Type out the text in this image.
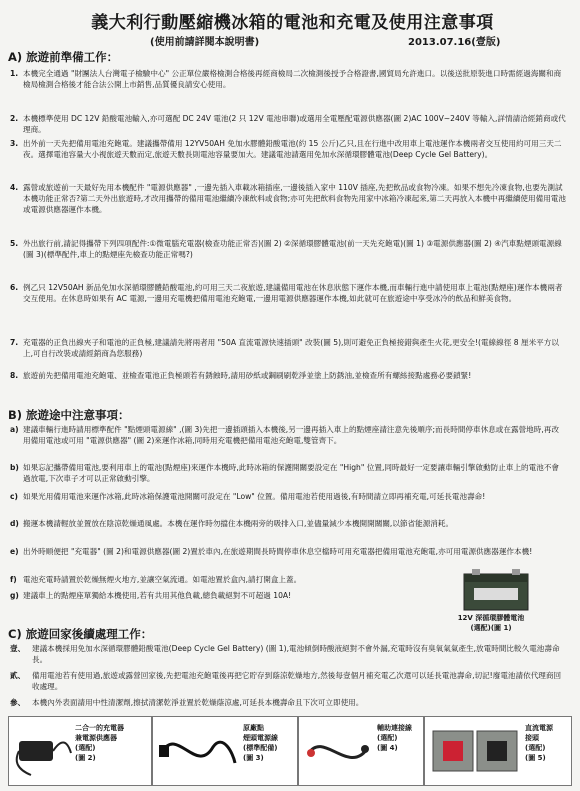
義大利行動壓縮機冰箱的電池和充電及使用注意事項
(使用前請詳閱本說明書)	2013.07.16(壹版)
A) 旅遊前準備工作：
1. 本機完全通過 "財團法人台灣電子檢驗中心" 公正單位嚴格檢測合格後再經商檢局二次檢測後授予合格證書,國貿局允許進口。以後送批原裝進口時需經過海關和商檢局檢測合格後才能合法公開上市銷售,品質優良請安心使用。
2. 本機標準使用 DC 12V 鉛酸電池輸入,亦可選配 DC 24V 電池(2 只 12V 電池串聯)或選用全電壓配電源供應器(圖 2)AC 100V~240V 等輸入,詳情請洽經銷商或代理商。
3. 出外前一天先把備用電池充飽電。建議攜帶備用 12YV50AH 免加水膠體鉛酸電池(約 15 公斤)乙只,且在行進中改用車上電池運作本機兩者交互使用約可用三天二夜。選擇電池容量大小視旅遊天數而定,旅遊天數長則電池容量要加大。建議電池請選用免加水深循環膠體電池(Deep Cycle Gel Battery)。
4. 露營或旅遊前一天最好先用本機配件 "電源供應器" ,一邊先插入車載冰箱插座,一邊後插入家中 110V 插座,先把飲品或食物冷凍。如果不想先冷凍食物,也要先測試本機功能正常否?第二天外出旅遊時,才改用攜帶的備用電池繼續冷凍飲料或食物;亦可先把飲料食物先用家中冰箱冷凍起來,第二天再放入本機中再繼續使用備用電池或電源供應器運作本機。
5. 外出旅行前,請記得攜帶下列四項配件:①微電腦充電器(檢查功能正常否)(圖 2) ②深循環膠體電池(前一天先充飽電)(圖 1) ③電源供應器(圖 2) ④汽車點煙頭電源線(圖 3)(標準配件,車上的點煙座先檢查功能正常嗎?)
6. 例乙只 12V50AH 新品免加水深循環膠體鉛酸電池,約可用三天二夜旅遊,建議備用電池在休息狀態下運作本機,而車輛行進中請使用車上電池(點煙座)運作本機兩者交互使用。在休息時如果有 AC 電源,一邊用充電機把備用電池充飽電,一邊用電源供應器運作本機,如此就可在旅遊途中享受冰冷的飲品和鮮美食物。
7. 充電器的正負出線夾子和電池的正負極,建議請先將兩者用 "50A 直流電源快速插頭" 改裝(圖 5),則可避免正負極接錯與產生火花,更安全!(電線線徑 8 厘米平方以上,可自行改裝或請經銷商為您服務)
8. 旅遊前先把備用電池充飽電、並檢查電池正負極頭若有銹蝕時,請用砂紙或鋼刷刷乾淨並塗上防銹油,並檢查所有螺絲接點處務必要鎖緊!
B) 旅遊途中注意事項：
a) 建議車輛行進時請用標準配件 "點煙頭電源線" ,(圖 3)先把一邊插頭插入本機後,另一邊再插入車上的點煙座請注意先後順序;而長時間停車休息或在露營地時,再改用備用電池或可用 "電源供應器" (圖 2)來運作冰箱,同時用充電機把備用電池充飽電,雙管齊下。
b) 如果忘記攜帶備用電池,要利用車上的電池(點煙座)來運作本機時,此時冰箱的保護開關要設定在 "High" 位置,同時最好一定要讓車輛引擎啟動防止車上的電池不會過放電,下次車子才可以正常啟動引擎。
c) 如果光用備用電池來運作冰箱,此時冰箱保護電池開關可設定在 "Low" 位置。備用電池若使用過後,有時間請立即再補充電,可延長電池壽命!
d) 搬運本機請輕放並置放在陰涼乾燥通風處。本機在運作時勿擋住本機兩旁的吸排入口,並儘量減少本機開開關關,以節省能源消耗。
e) 出外時順便把 "充電器" (圖 2)和電源供應器(圖 2)置於車內,在旅遊期間長時間停車休息空檔時可用充電器把備用電池充飽電,亦可用電源供應器運作本機!
f) 電池充電時請置於乾燥無煙火地方,並讓空氣流通。如電池置於盒內,請打開盒上蓋。
g) 建議車上的點煙座單獨給本機使用,若有共用其他負載,總負載絕對不可超過 10A!
12V 深循環膠體電池
(選配)(圖 1)
C) 旅遊回家後續處理工作：
壹、 建議本機採用免加水深循環膠體鉛酸電池(Deep Cycle Gel Battery) (圖 1),電池傾倒時酸液絕對不會外漏,充電時沒有臭氧氣氣產生,放電時間比較久電池壽命長。
貳、 備用電池若有使用過,旅遊或露營回家後,先把電池充飽電後再把它貯存到蔭涼乾燥地方,然後每壹個月補充電乙次還可以延長電池壽命,切記!廢電池請依代理商回收處理。
參、 本機內外表面請用中性清潔劑,擦拭清潔乾淨並置於乾燥蔭涼處,可延長本機壽命且下次可立即使用。
二合一的充電器
兼電源供應器
(選配)
(圖 2)
原廠點
煙頭電源線
(標準配備)
(圖 3)
輔助連接線
(選配)
(圖 4)
直流電源
接頭
(選配)
(圖 5)
